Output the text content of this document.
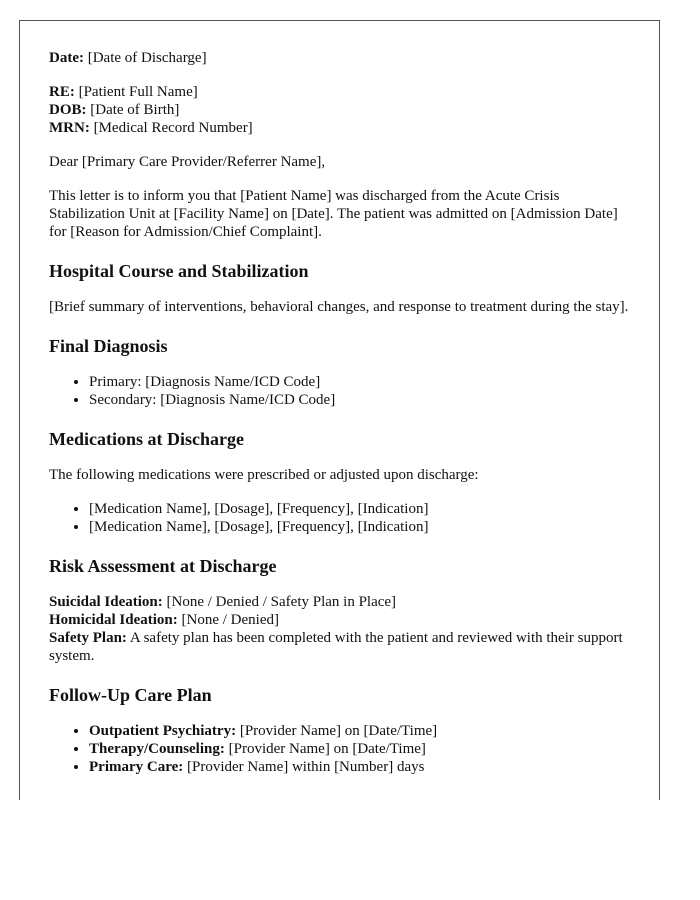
Date: [Date of Discharge]

RE: [Patient Full Name]

DOB: [Date of Birth]

MRN: [Medical Record Number]

Dear [Primary Care Provider/Referrer Name],

This letter is to inform you that [Patient Name] was discharged from the Acute Crisis Stabilization Unit at [Facility Name] on [Date]. The patient was admitted on [Admission Date] for [Reason for Admission/Chief Complaint].

Hospital Course and Stabilization

[Brief summary of interventions, behavioral changes, and response to treatment during the stay].

Final Diagnosis
• Primary: [Diagnosis Name/ICD Code]
• Secondary: [Diagnosis Name/ICD Code]
Medications at Discharge

The following medications were prescribed or adjusted upon discharge:

• [Medication Name], [Dosage], [Frequency], [Indication]
• [Medication Name], [Dosage], [Frequency], [Indication]
Risk Assessment at Discharge

Suicidal Ideation: [None / Denied / Safety Plan in Place]

Homicidal Ideation: [None / Denied]

Safety Plan: A safety plan has been completed with the patient and reviewed with their support system.

Follow-Up Care Plan
• Outpatient Psychiatry: [Provider Name] on [Date/Time]
• Therapy/Counseling: [Provider Name] on [Date/Time]
• Primary Care: [Provider Name] within [Number] days
